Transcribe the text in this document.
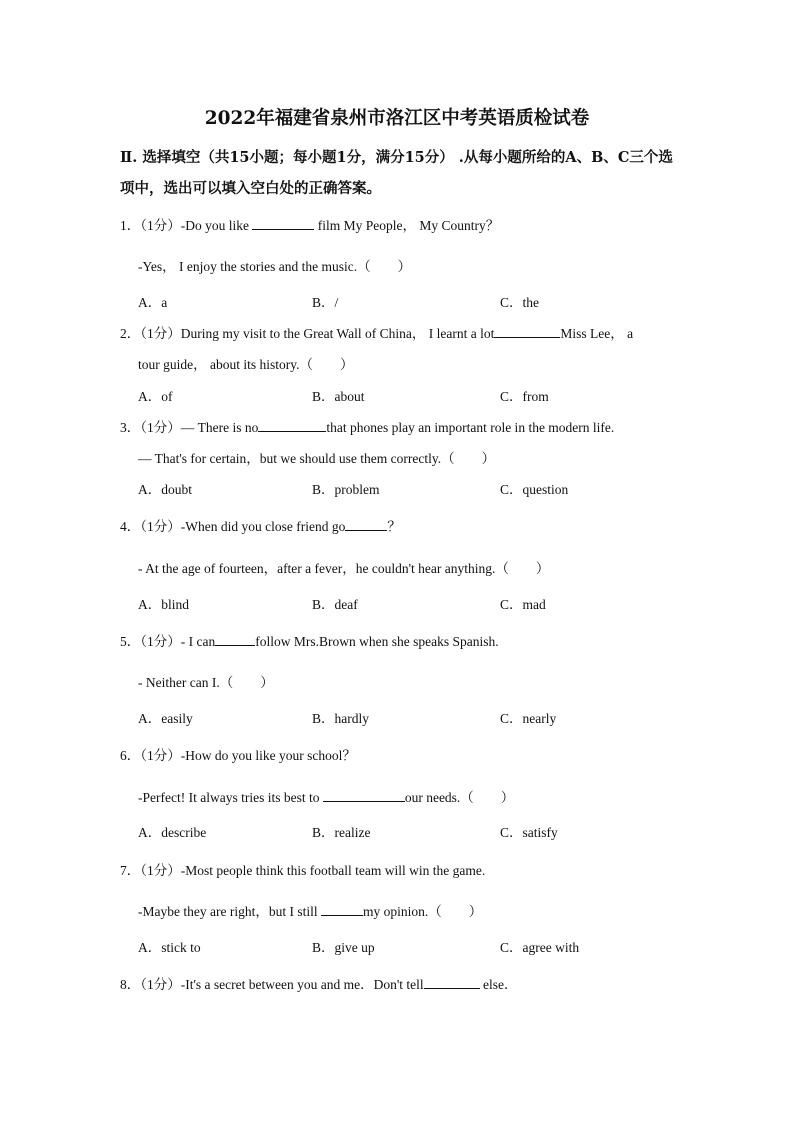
2022年福建省泉州市洛江区中考英语质检试卷
Ⅱ. 选择填空（共15小题；每小题1分，满分15分） .从每小题所给的A、B、C三个选
项中，选出可以填入空白处的正确答案。
1．（1分）-Do you like	film My People， My Country？
-Yes， I enjoy the stories and the music.（　　）
A．a	B．/	C．the
2．（1分）During my visit to the Great Wall of China， I learnt a lot	Miss Lee， a
tour guide， about its history.（　　）
A．of	B．about	C．from
3．（1分）— There is no	that phones play an important role in the modern life.
— That's for certain，but we should use them correctly.（　　）
A．doubt	B．problem	C．question
4．（1分）-When did you close friend go	？
- At the age of fourteen，after a fever，he couldn't hear anything.（　　）
A．blind	B．deaf	C．mad
5．（1分）- I can	follow Mrs.Brown when she speaks Spanish.
- Neither can I.（　　）
A．easily	B．hardly	C．nearly
6．（1分）-How do you like your school？
-Perfect! It always tries its best to	our needs.（　　）
A．describe	B．realize	C．satisfy
7．（1分）-Most people think this football team will win the game.
-Maybe they are right，but I still	my opinion.（　　）
A．stick to	B．give up	C．agree with
8．（1分）-It's a secret between you and me．Don't tell	else．
